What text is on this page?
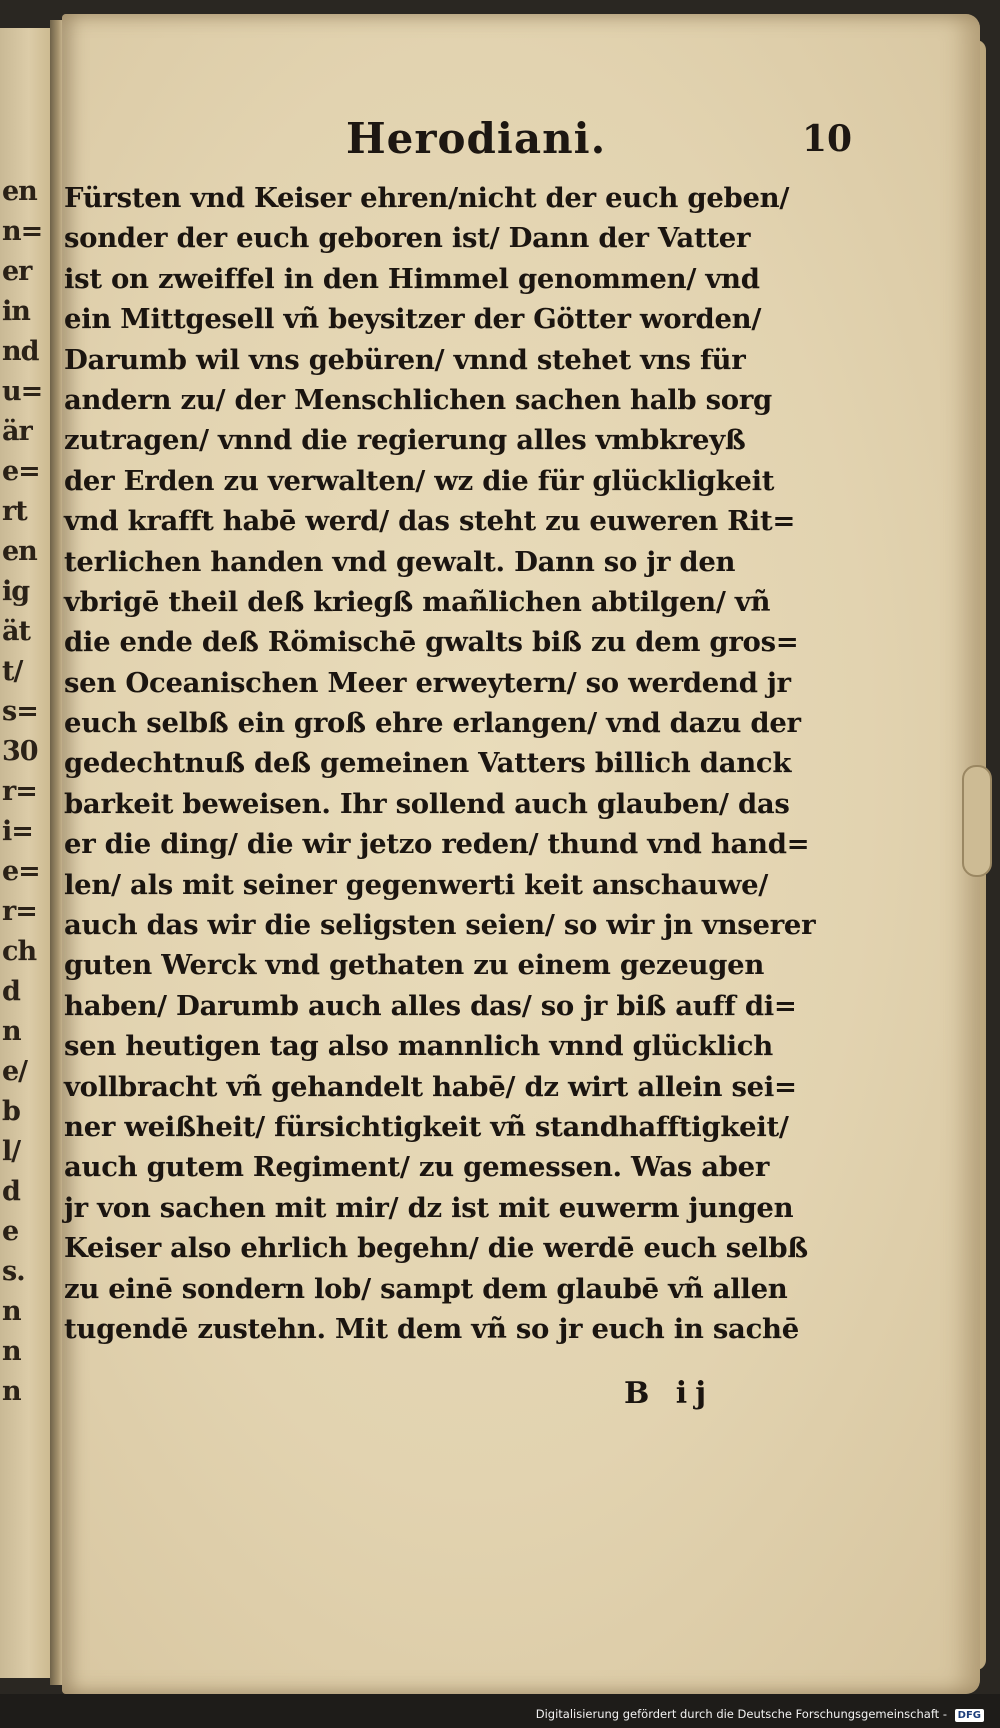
en
n=
er
in
nd
u=
är
e=
rt
en
ig
ät
t/
s=
30
r=
i=
e=
r=
ch
d
n
e/
b
l/
d
e
s.
n
n
n
Herodiani.	10
Fürsten vnd Keiser ehren/nicht der euch geben/
sonder der euch geboren ist/ Dann der Vatter
ist on zweiffel in den Himmel genommen/ vnd
ein Mittgesell vñ beysitzer der Götter worden/
Darumb wil vns gebüren/ vnnd stehet vns für
andern zu/ der Menschlichen sachen halb sorg
zutragen/ vnnd die regierung alles vmbkreyß
der Erden zu verwalten/ wz die für glückligkeit
vnd krafft habē werd/ das steht zu euweren Rit=
terlichen handen vnd gewalt. Dann so jr den
vbrigē theil deß kriegß mañlichen abtilgen/ vñ
die ende deß Römischē gwalts biß zu dem gros=
sen Oceanischen Meer erweytern/ so werdend jr
euch selbß ein groß ehre erlangen/ vnd dazu der
gedechtnuß deß gemeinen Vatters billich danck
barkeit beweisen. Ihr sollend auch glauben/ das
er die ding/ die wir jetzo reden/ thund vnd hand=
len/ als mit seiner gegenwerti keit anschauwe/
auch das wir die seligsten seien/ so wir jn vnserer
guten Werck vnd gethaten zu einem gezeugen
haben/ Darumb auch alles das/ so jr biß auff di=
sen heutigen tag also mannlich vnnd glücklich
vollbracht vñ gehandelt habē/ dz wirt allein sei=
ner weißheit/ fürsichtigkeit vñ standhafftigkeit/
auch gutem Regiment/ zu gemessen. Was aber
jr von sachen mit mir/ dz ist mit euwerm jungen
Keiser also ehrlich begehn/ die werdē euch selbß
zu einē sondern lob/ sampt dem glaubē vñ allen
tugendē zustehn. Mit dem vñ so jr euch in sachē
B ij
Digitalisierung gefördert durch die Deutsche Forschungsgemeinschaft - DFG
